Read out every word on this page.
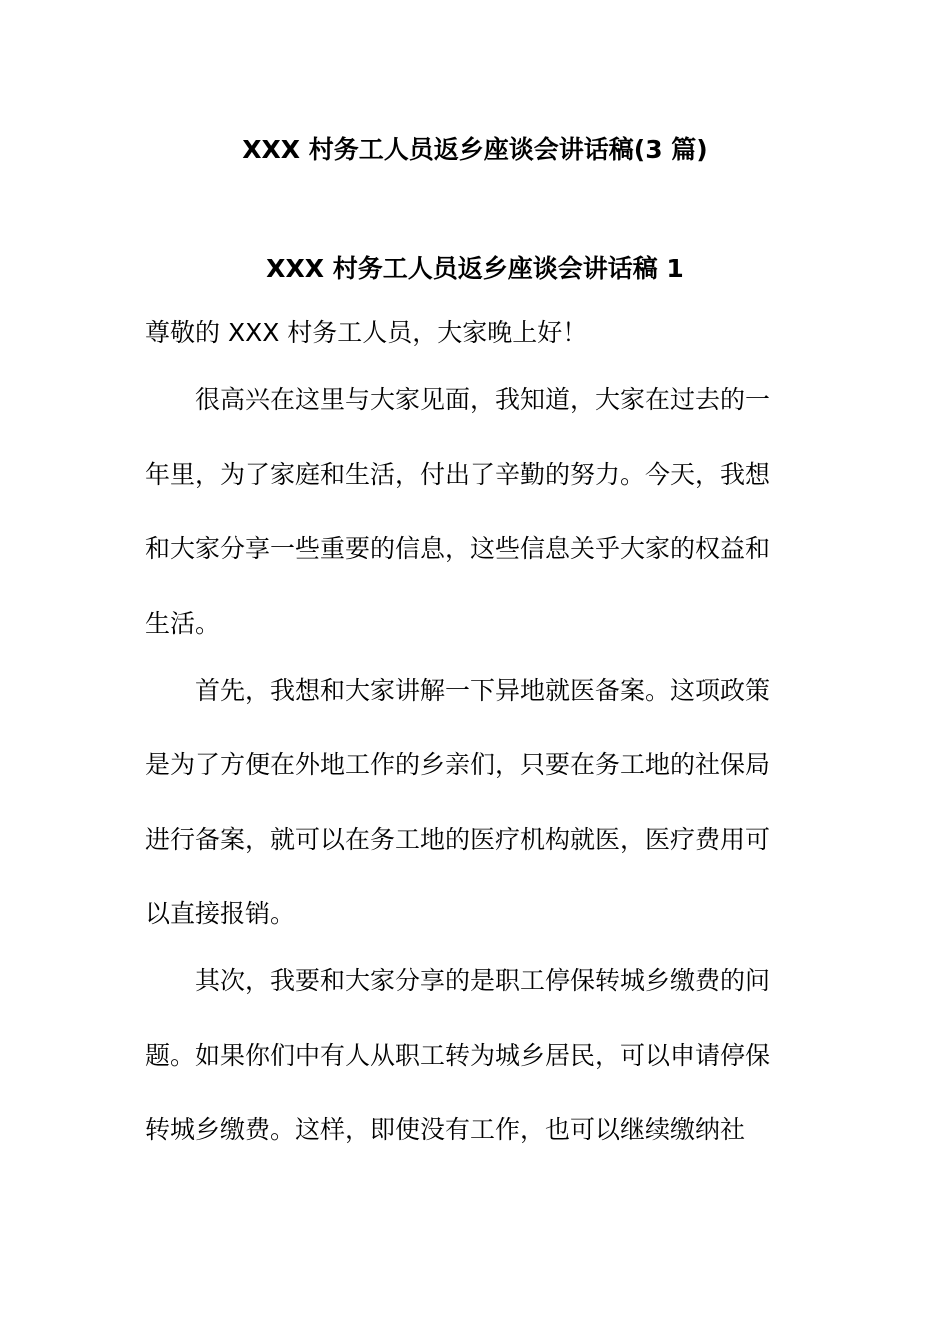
XXX 村务工人员返乡座谈会讲话稿(3 篇)
XXX 村务工人员返乡座谈会讲话稿 1

尊敬的 XXX 村务工人员，大家晚上好！

很高兴在这里与大家见面，我知道，大家在过去的一
年里，为了家庭和生活，付出了辛勤的努力。今天，我想
和大家分享一些重要的信息，这些信息关乎大家的权益和
生活。
首先，我想和大家讲解一下异地就医备案。这项政策
是为了方便在外地工作的乡亲们，只要在务工地的社保局
进行备案，就可以在务工地的医疗机构就医，医疗费用可
以直接报销。
其次，我要和大家分享的是职工停保转城乡缴费的问
题。如果你们中有人从职工转为城乡居民，可以申请停保
转城乡缴费。这样，即使没有工作，也可以继续缴纳社
